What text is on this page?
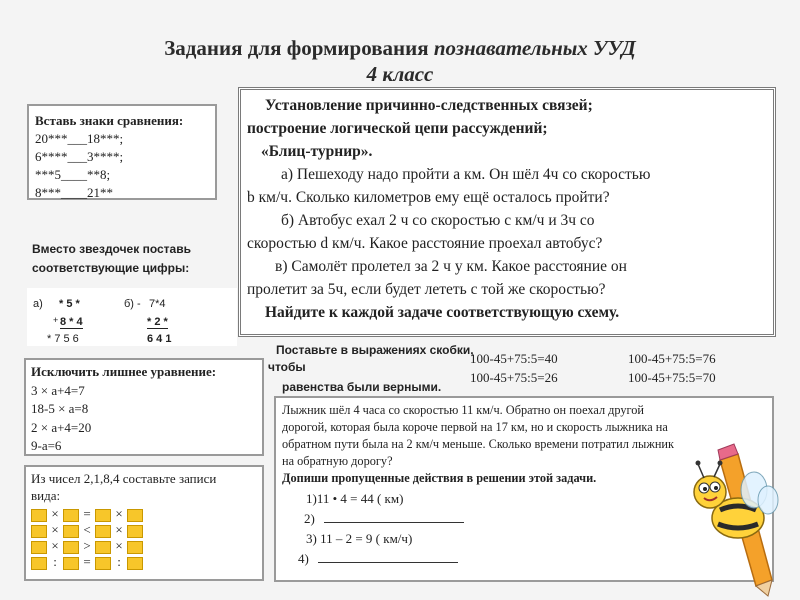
Задания для формирования познавательных УУД
4 класс
Вставь знаки сравнения:
20***___18***;
6****___3****;
***5____**8;
8***____21**
Вместо звездочек поставь
соответствующие цифры:
а) * 5 *
+ 8 * 4
* 7 5 6
б) - 7*4
* 2 *
6 4 1
Установление причинно-следственных связей;
построение логической цепи рассуждений;
«Блиц-турнир».
а) Пешеходу надо пройти а км. Он шёл 4ч со скоростью
b км/ч. Сколько километров ему ещё осталось пройти?
б) Автобус ехал 2 ч со скоростью с км/ч и 3ч со
скоростью d км/ч. Какое расстояние проехал автобус?
в) Самолёт пролетел за 2 ч у км. Какое расстояние он
пролетит за 5ч, если будет лететь с той же скоростью?
Найдите к каждой задаче соответствующую схему.
Поставьте в выражениях скобки,
чтобы
равенства были верными.
100-45+75:5=40	100-45+75:5=76
100-45+75:5=26	100-45+75:5=70
Исключить лишнее уравнение:
3 × a+4=7
18-5 × a=8
2 × a+4=20
9-a=6
Из чисел 2,1,8,4 составьте записи
вида:
× = ×
× < ×
× > ×
: = :
Лыжник шёл 4 часа со скоростью 11 км/ч. Обратно он поехал другой
дорогой, которая была короче первой на 17 км, но и скорость лыжника на
обратном пути была на 2 км/ч меньше. Сколько времени потратил лыжник
на обратную дорогу?
Допиши пропущенные действия в решении этой задачи.
1)11 • 4 = 44 ( км)
2)
3) 11 – 2 = 9 ( км/ч)
4)
